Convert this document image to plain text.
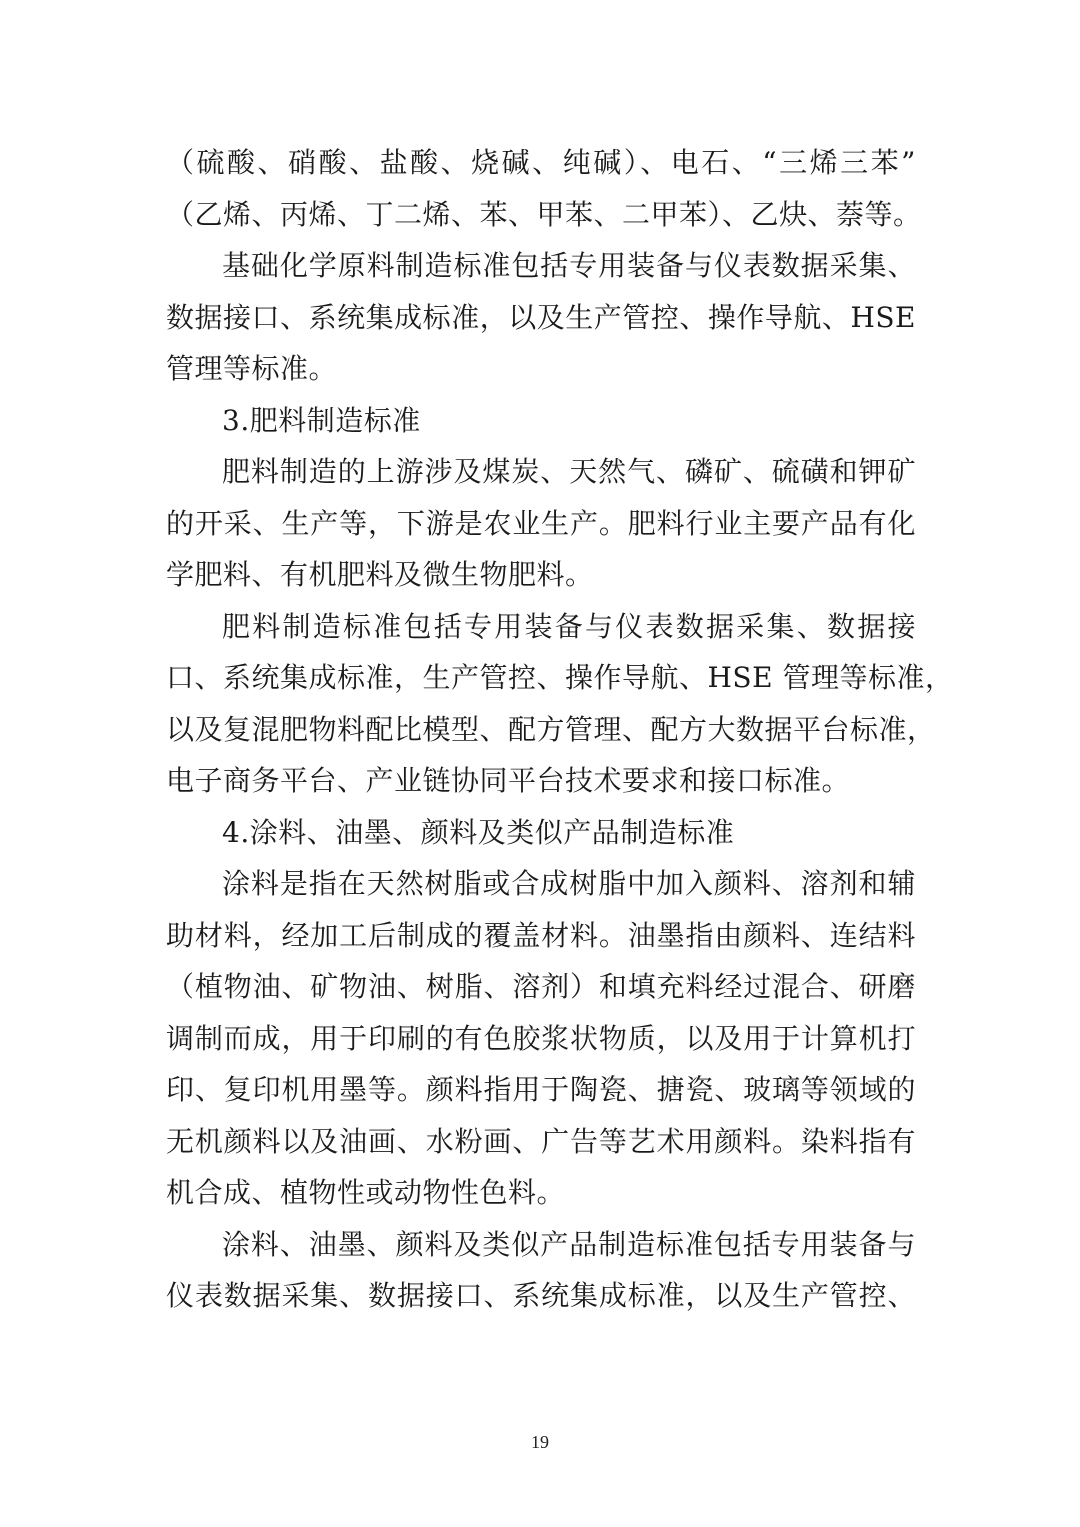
（硫酸、硝酸、盐酸、烧碱、纯碱）、电石、“三烯三苯”
（乙烯、丙烯、丁二烯、苯、甲苯、二甲苯）、乙炔、萘等。
基础化学原料制造标准包括专用装备与仪表数据采集、
数据接口、系统集成标准，以及生产管控、操作导航、HSE
管理等标准。
3.肥料制造标准
肥料制造的上游涉及煤炭、天然气、磷矿、硫磺和钾矿
的开采、生产等，下游是农业生产。肥料行业主要产品有化
学肥料、有机肥料及微生物肥料。
肥料制造标准包括专用装备与仪表数据采集、数据接
口、系统集成标准，生产管控、操作导航、HSE 管理等标准，
以及复混肥物料配比模型、配方管理、配方大数据平台标准，
电子商务平台、产业链协同平台技术要求和接口标准。
4.涂料、油墨、颜料及类似产品制造标准
涂料是指在天然树脂或合成树脂中加入颜料、溶剂和辅
助材料，经加工后制成的覆盖材料。油墨指由颜料、连结料
（植物油、矿物油、树脂、溶剂）和填充料经过混合、研磨
调制而成，用于印刷的有色胶浆状物质，以及用于计算机打
印、复印机用墨等。颜料指用于陶瓷、搪瓷、玻璃等领域的
无机颜料以及油画、水粉画、广告等艺术用颜料。染料指有
机合成、植物性或动物性色料。
涂料、油墨、颜料及类似产品制造标准包括专用装备与
仪表数据采集、数据接口、系统集成标准，以及生产管控、
19
